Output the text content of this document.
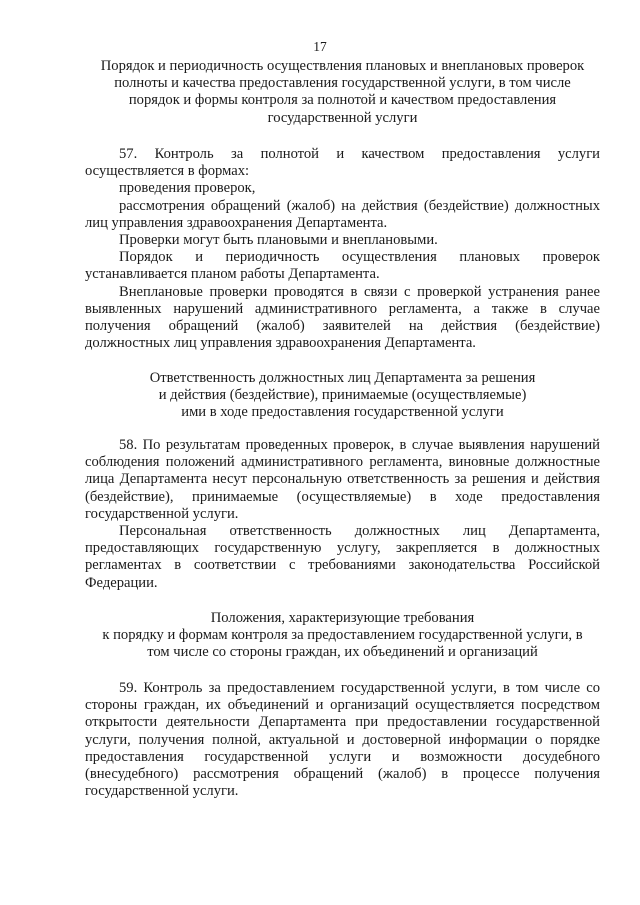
17

Порядок и периодичность осуществления плановых и внеплановых проверок
полноты и качества предоставления государственной услуги, в том числе
порядок и формы контроля за полнотой и качеством предоставления
государственной услуги

57. Контроль за полнотой и качеством предоставления услуги осуществляется в формах:

проведения проверок,

рассмотрения обращений (жалоб) на действия (бездействие) должностных лиц управления здравоохранения Департамента.

Проверки могут быть плановыми и внеплановыми.

Порядок и периодичность осуществления плановых проверок устанавливается планом работы Департамента.

Внеплановые проверки проводятся в связи с проверкой устранения ранее выявленных нарушений административного регламента, а также в случае получения обращений (жалоб) заявителей на действия (бездействие) должностных лиц управления здравоохранения Департамента.

Ответственность должностных лиц Департамента за решения
и действия (бездействие), принимаемые (осуществляемые)
ими в ходе предоставления государственной услуги

58. По результатам проведенных проверок, в случае выявления нарушений соблюдения положений административного регламента, виновные должностные лица Департамента несут персональную ответственность за решения и действия (бездействие), принимаемые (осуществляемые) в ходе предоставления государственной услуги.

Персональная ответственность должностных лиц Департамента, предоставляющих государственную услугу, закрепляется в должностных регламентах в соответствии с требованиями законодательства Российской Федерации.

Положения, характеризующие требования
к порядку и формам контроля за предоставлением государственной услуги, в
том числе со стороны граждан, их объединений и организаций

59. Контроль за предоставлением государственной услуги, в том числе со стороны граждан, их объединений и организаций осуществляется посредством открытости деятельности Департамента при предоставлении государственной услуги, получения полной, актуальной и достоверной информации о порядке предоставления государственной услуги и возможности досудебного (внесудебного) рассмотрения обращений (жалоб) в процессе получения государственной услуги.
